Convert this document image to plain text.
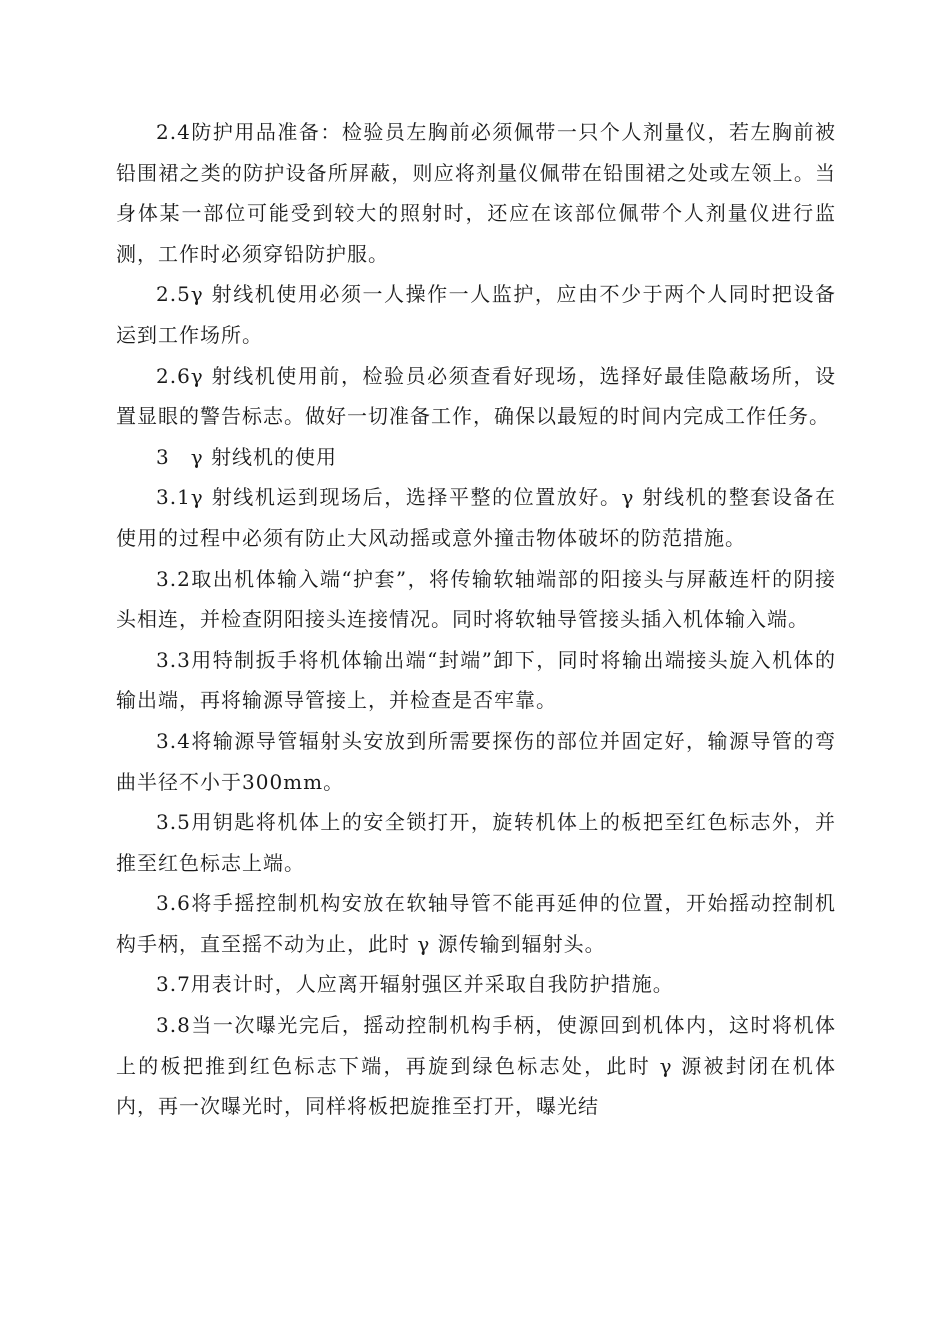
2.4防护用品准备：检验员左胸前必须佩带一只个人剂量仪，若左胸前被铅围裙之类的防护设备所屏蔽，则应将剂量仪佩带在铅围裙之处或左领上。当身体某一部位可能受到较大的照射时，还应在该部位佩带个人剂量仪进行监测，工作时必须穿铅防护服。

2.5γ 射线机使用必须一人操作一人监护，应由不少于两个人同时把设备运到工作场所。

2.6γ 射线机使用前，检验员必须查看好现场，选择好最佳隐蔽场所，设置显眼的警告标志。做好一切准备工作，确保以最短的时间内完成工作任务。

3　γ 射线机的使用

3.1γ 射线机运到现场后，选择平整的位置放好。γ 射线机的整套设备在使用的过程中必须有防止大风动摇或意外撞击物体破坏的防范措施。

3.2取出机体输入端“护套”，将传输软轴端部的阳接头与屏蔽连杆的阴接头相连，并检查阴阳接头连接情况。同时将软轴导管接头插入机体输入端。

3.3用特制扳手将机体输出端“封端”卸下，同时将输出端接头旋入机体的输出端，再将输源导管接上，并检查是否牢靠。

3.4将输源导管辐射头安放到所需要探伤的部位并固定好，输源导管的弯曲半径不小于300mm。

3.5用钥匙将机体上的安全锁打开，旋转机体上的板把至红色标志外，并推至红色标志上端。

3.6将手摇控制机构安放在软轴导管不能再延伸的位置，开始摇动控制机构手柄，直至摇不动为止，此时 γ 源传输到辐射头。

3.7用表计时，人应离开辐射强区并采取自我防护措施。

3.8当一次曝光完后，摇动控制机构手柄，使源回到机体内，这时将机体上的板把推到红色标志下端，再旋到绿色标志处，此时 γ 源被封闭在机体内，再一次曝光时，同样将板把旋推至打开，曝光结
